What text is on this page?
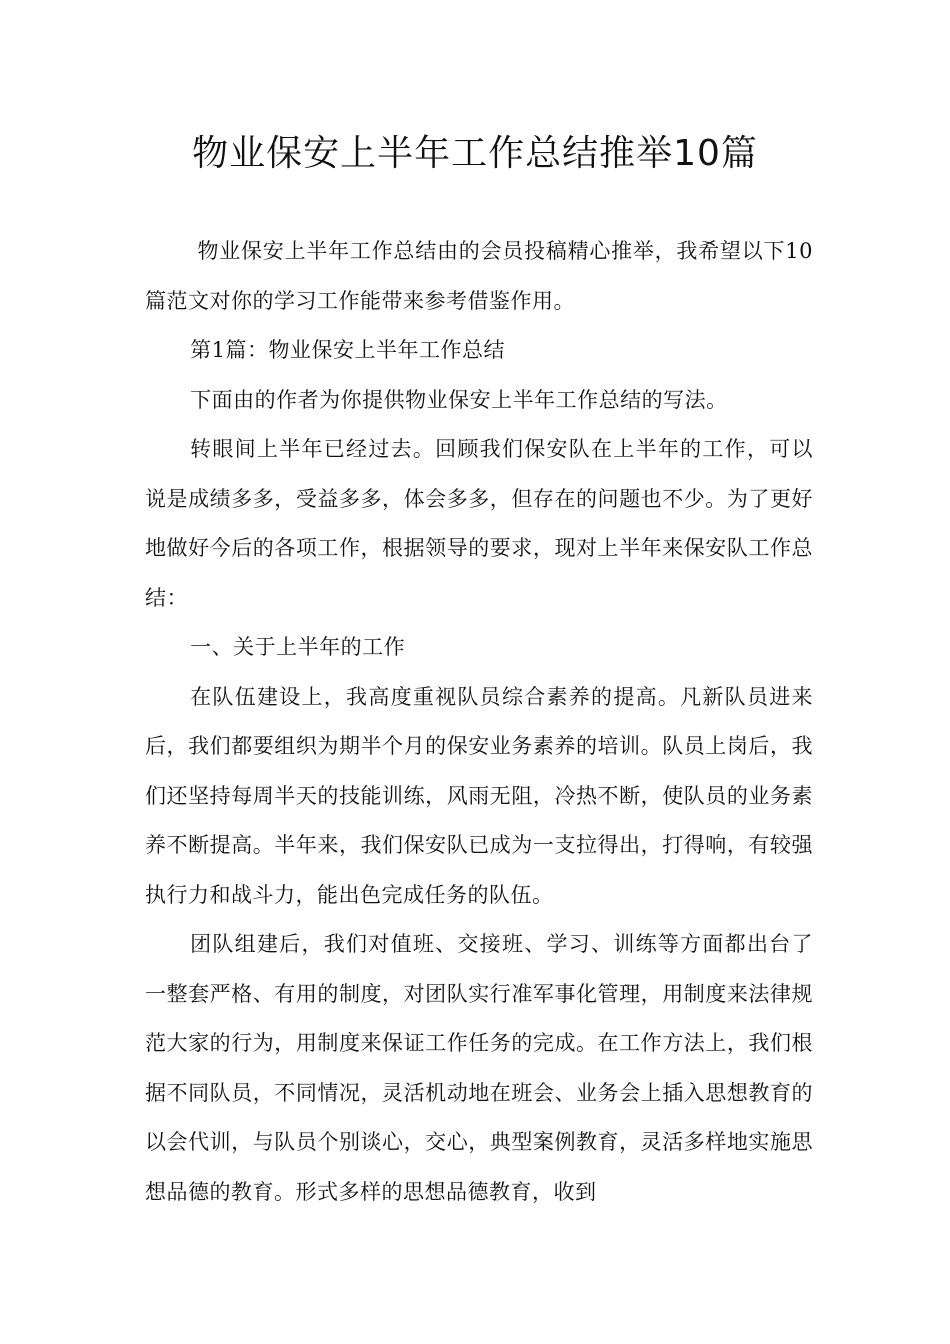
物业保安上半年工作总结推举10篇

物业保安上半年工作总结由的会员投稿精心推举，我希望以下10篇范文对你的学习工作能带来参考借鉴作用。

第1篇：物业保安上半年工作总结

下面由的作者为你提供物业保安上半年工作总结的写法。

转眼间上半年已经过去。回顾我们保安队在上半年的工作，可以说是成绩多多，受益多多，体会多多，但存在的问题也不少。为了更好地做好今后的各项工作，根据领导的要求，现对上半年来保安队工作总结：

一、关于上半年的工作

在队伍建设上，我高度重视队员综合素养的提高。凡新队员进来后，我们都要组织为期半个月的保安业务素养的培训。队员上岗后，我们还坚持每周半天的技能训练，风雨无阻，冷热不断，使队员的业务素养不断提高。半年来，我们保安队已成为一支拉得出，打得响，有较强执行力和战斗力，能出色完成任务的队伍。

团队组建后，我们对值班、交接班、学习、训练等方面都出台了一整套严格、有用的制度，对团队实行准军事化管理，用制度来法律规范大家的行为，用制度来保证工作任务的完成。在工作方法上，我们根据不同队员，不同情况，灵活机动地在班会、业务会上插入思想教育的以会代训，与队员个别谈心，交心，典型案例教育，灵活多样地实施思想品德的教育。形式多样的思想品德教育，收到
